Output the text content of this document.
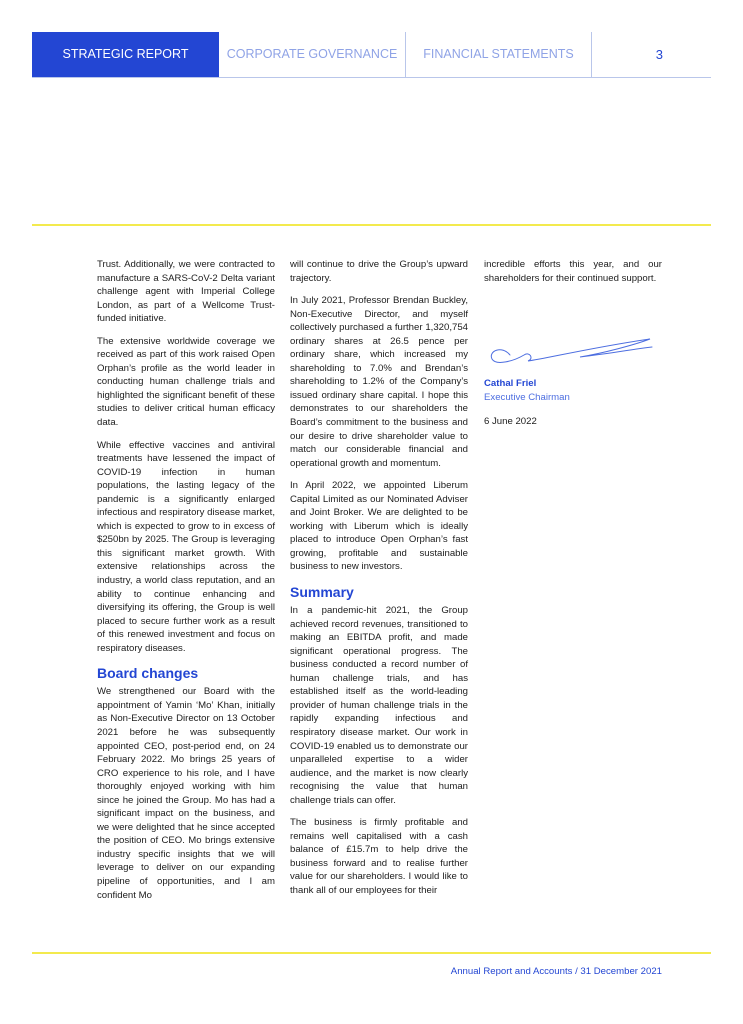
STRATEGIC REPORT	CORPORATE GOVERNANCE	FINANCIAL STATEMENTS	3

Trust. Additionally, we were contracted to manufacture a SARS-CoV-2 Delta variant challenge agent with Imperial College London, as part of a Wellcome Trust-funded initiative.

The extensive worldwide coverage we received as part of this work raised Open Orphan’s profile as the world leader in conducting human challenge trials and highlighted the significant benefit of these studies to deliver critical human efficacy data.

While effective vaccines and antiviral treatments have lessened the impact of COVID-19 infection in human populations, the lasting legacy of the pandemic is a significantly enlarged infectious and respiratory disease market, which is expected to grow to in excess of $250bn by 2025. The Group is leveraging this significant market growth. With extensive relationships across the industry, a world class reputation, and an ability to continue enhancing and diversifying its offering, the Group is well placed to secure further work as a result of this renewed investment and focus on respiratory diseases.

Board changes

We strengthened our Board with the appointment of Yamin ‘Mo’ Khan, initially as Non-Executive Director on 13 October 2021 before he was subsequently appointed CEO, post-period end, on 24 February 2022. Mo brings 25 years of CRO experience to his role, and I have thoroughly enjoyed working with him since he joined the Group. Mo has had a significant impact on the business, and we were delighted that he since accepted the position of CEO. Mo brings extensive industry specific insights that we will leverage to deliver on our expanding pipeline of opportunities, and I am confident Mo

will continue to drive the Group’s upward trajectory.

In July 2021, Professor Brendan Buckley, Non-Executive Director, and myself collectively purchased a further 1,320,754 ordinary shares at 26.5 pence per ordinary share, which increased my shareholding to 7.0% and Brendan’s shareholding to 1.2% of the Company’s issued ordinary share capital. I hope this demonstrates to our shareholders the Board’s commitment to the business and our desire to drive shareholder value to match our considerable financial and operational growth and momentum.

In April 2022, we appointed Liberum Capital Limited as our Nominated Adviser and Joint Broker. We are delighted to be working with Liberum which is ideally placed to introduce Open Orphan’s fast growing, profitable and sustainable business to new investors.

Summary

In a pandemic-hit 2021, the Group achieved record revenues, transitioned to making an EBITDA profit, and made significant operational progress. The business conducted a record number of human challenge trials, and has established itself as the world-leading provider of human challenge trials in the rapidly expanding infectious and respiratory disease market. Our work in COVID-19 enabled us to demonstrate our unparalleled expertise to a wider audience, and the market is now clearly recognising the value that human challenge trials can offer.

The business is firmly profitable and remains well capitalised with a cash balance of £15.7m to help drive the business forward and to realise further value for our shareholders. I would like to thank all of our employees for their

incredible efforts this year, and our shareholders for their continued support.

Cathal Friel
Executive Chairman
6 June 2022
Annual Report and Accounts / 31 December 2021
